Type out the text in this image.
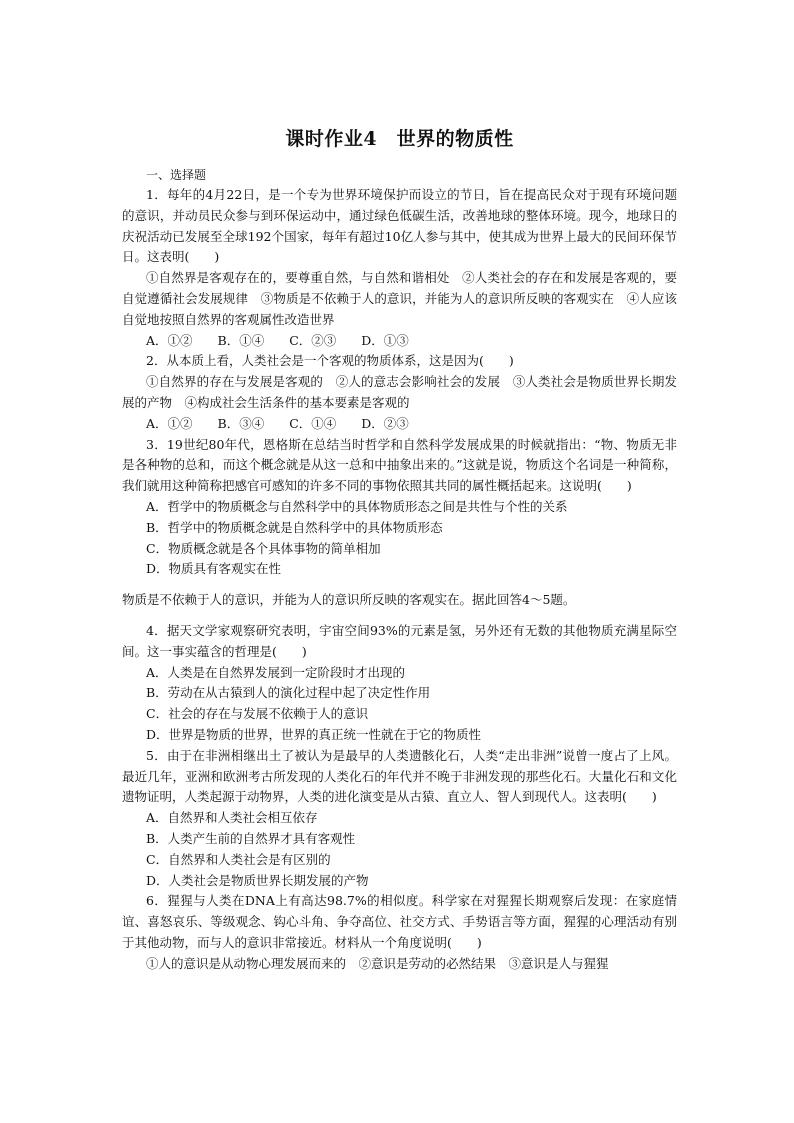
课时作业4　世界的物质性
一、选择题
1．每年的4月22日，是一个专为世界环境保护而设立的节日，旨在提高民众对于现有环境问题的意识，并动员民众参与到环保运动中，通过绿色低碳生活，改善地球的整体环境。现今，地球日的庆祝活动已发展至全球192个国家，每年有超过10亿人参与其中，使其成为世界上最大的民间环保节日。这表明(　　)
①自然界是客观存在的，要尊重自然，与自然和谐相处　②人类社会的存在和发展是客观的，要自觉遵循社会发展规律　③物质是不依赖于人的意识，并能为人的意识所反映的客观实在　④人应该自觉地按照自然界的客观属性改造世界
A．①②　　B．①④　　C．②③　　D．①③
2．从本质上看，人类社会是一个客观的物质体系，这是因为(　　)
①自然界的存在与发展是客观的　②人的意志会影响社会的发展　③人类社会是物质世界长期发展的产物　④构成社会生活条件的基本要素是客观的
A．①②　　B．③④　　C．①④　　D．②③
3．19世纪80年代，恩格斯在总结当时哲学和自然科学发展成果的时候就指出：“物、物质无非是各种物的总和，而这个概念就是从这一总和中抽象出来的。”这就是说，物质这个名词是一种简称，我们就用这种简称把感官可感知的许多不同的事物依照其共同的属性概括起来。这说明(　　)
A．哲学中的物质概念与自然科学中的具体物质形态之间是共性与个性的关系
B．哲学中的物质概念就是自然科学中的具体物质形态
C．物质概念就是各个具体事物的简单相加
D．物质具有客观实在性
物质是不依赖于人的意识，并能为人的意识所反映的客观实在。据此回答4～5题。
4．据天文学家观察研究表明，宇宙空间93%的元素是氢，另外还有无数的其他物质充满星际空间。这一事实蕴含的哲理是(　　)
A．人类是在自然界发展到一定阶段时才出现的
B．劳动在从古猿到人的演化过程中起了决定性作用
C．社会的存在与发展不依赖于人的意识
D．世界是物质的世界，世界的真正统一性就在于它的物质性
5．由于在非洲相继出土了被认为是最早的人类遗骸化石，人类“走出非洲”说曾一度占了上风。最近几年，亚洲和欧洲考古所发现的人类化石的年代并不晚于非洲发现的那些化石。大量化石和文化遗物证明，人类起源于动物界，人类的进化演变是从古猿、直立人、智人到现代人。这表明(　　)
A．自然界和人类社会相互依存
B．人类产生前的自然界才具有客观性
C．自然界和人类社会是有区别的
D．人类社会是物质世界长期发展的产物
6．猩猩与人类在DNA上有高达98.7%的相似度。科学家在对猩猩长期观察后发现：在家庭情谊、喜怒哀乐、等级观念、钩心斗角、争夺高位、社交方式、手势语言等方面，猩猩的心理活动有别于其他动物，而与人的意识非常接近。材料从一个角度说明(　　)
①人的意识是从动物心理发展而来的　②意识是劳动的必然结果　③意识是人与猩猩
